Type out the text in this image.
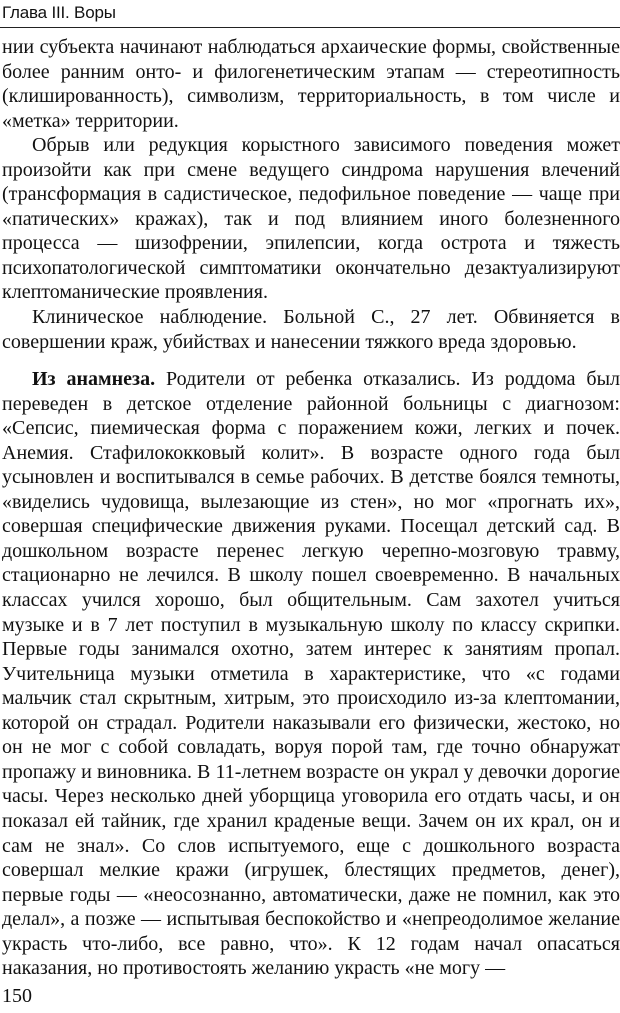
Глава III. Воры

нии субъекта начинают наблюдаться архаические формы, свойственные более ранним онто- и филогенетическим этапам — стереотипность (клишированность), символизм, территориальность, в том числе и «метка» территории.

Обрыв или редукция корыстного зависимого поведения может произойти как при смене ведущего синдрома нарушения влечений (трансформация в садистическое, педофильное поведение — чаще при «патических» кражах), так и под влиянием иного болезненного процесса — шизофрении, эпилепсии, когда острота и тяжесть психопатологической симптоматики окончательно дезактуализируют клептоманические проявления.

Клиническое наблюдение. Больной С., 27 лет. Обвиняется в совершении краж, убийствах и нанесении тяжкого вреда здоровью.

Из анамнеза. Родители от ребенка отказались. Из роддома был переведен в детское отделение районной больницы с диагнозом: «Сепсис, пиемическая форма с поражением кожи, легких и почек. Анемия. Стафилококковый колит». В возрасте одного года был усыновлен и воспитывался в семье рабочих. В детстве боялся темноты, «виделись чудовища, вылезающие из стен», но мог «прогнать их», совершая специфические движения руками. Посещал детский сад. В дошкольном возрасте перенес легкую черепно-мозговую травму, стационарно не лечился. В школу пошел своевременно. В начальных классах учился хорошо, был общительным. Сам захотел учиться музыке и в 7 лет поступил в музыкальную школу по классу скрипки. Первые годы занимался охотно, затем интерес к занятиям пропал. Учительница музыки отметила в характеристике, что «с годами мальчик стал скрытным, хитрым, это происходило из-за клептомании, которой он страдал. Родители наказывали его физически, жестоко, но он не мог с собой совладать, воруя порой там, где точно обнаружат пропажу и виновника. В 11-летнем возрасте он украл у девочки дорогие часы. Через несколько дней уборщица уговорила его отдать часы, и он показал ей тайник, где хранил краденые вещи. Зачем он их крал, он и сам не знал». Со слов испытуемого, еще с дошкольного возраста совершал мелкие кражи (игрушек, блестящих предметов, денег), первые годы — «неосознанно, автоматически, даже не помнил, как это делал», а позже — испытывая беспокойство и «непреодолимое желание украсть что-либо, все равно, что». К 12 годам начал опасаться наказания, но противостоять желанию украсть «не могу —

150
